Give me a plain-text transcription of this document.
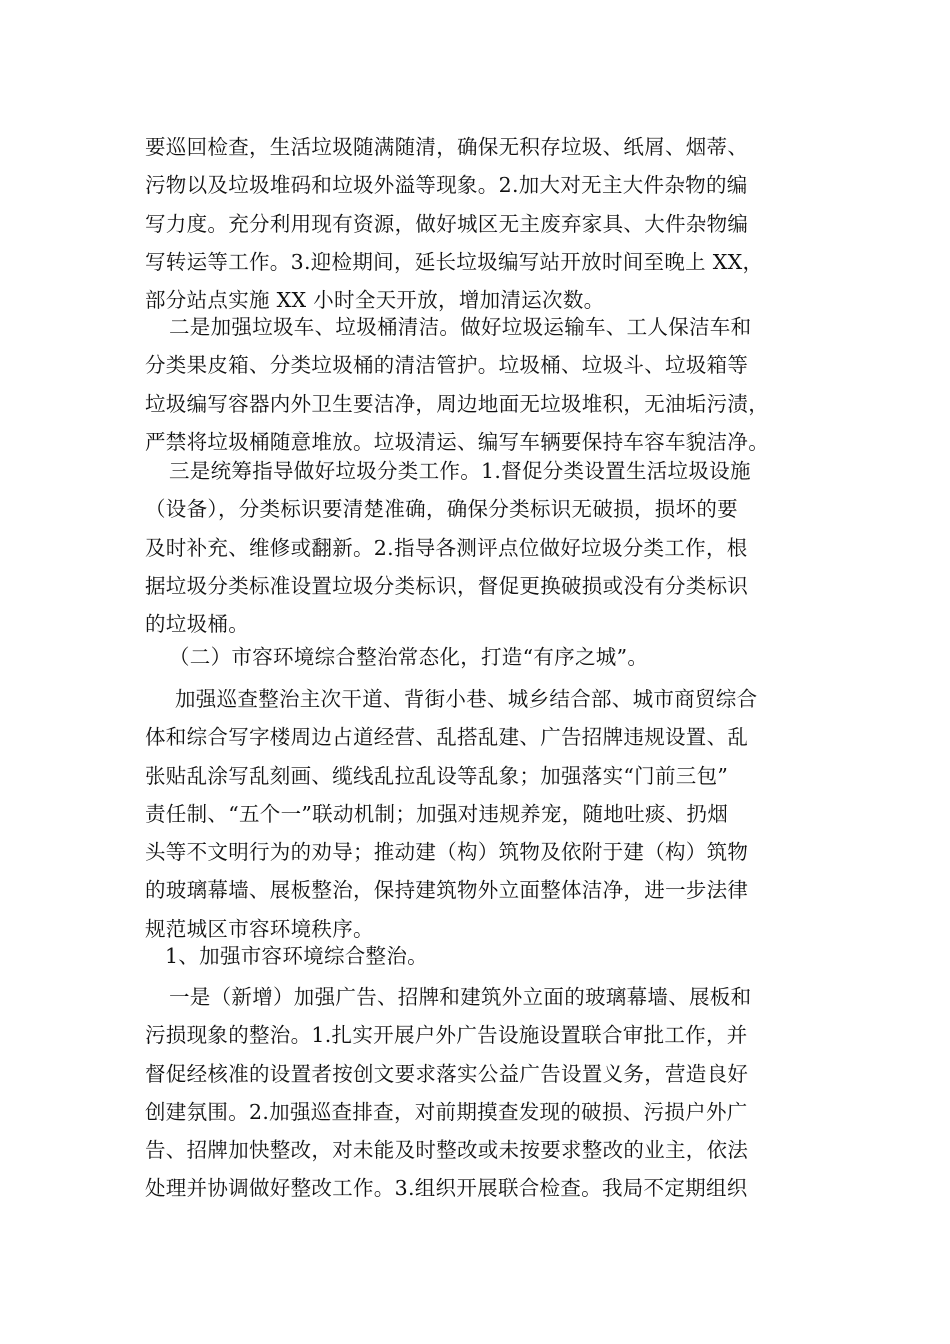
要巡回检查，生活垃圾随满随清，确保无积存垃圾、纸屑、烟蒂、
污物以及垃圾堆码和垃圾外溢等现象。2.加大对无主大件杂物的编
写力度。充分利用现有资源，做好城区无主废弃家具、大件杂物编
写转运等工作。3.迎检期间，延长垃圾编写站开放时间至晚上 XX，
部分站点实施 XX 小时全天开放，增加清运次数。
二是加强垃圾车、垃圾桶清洁。做好垃圾运输车、工人保洁车和
分类果皮箱、分类垃圾桶的清洁管护。垃圾桶、垃圾斗、垃圾箱等
垃圾编写容器内外卫生要洁净，周边地面无垃圾堆积，无油垢污渍，
严禁将垃圾桶随意堆放。垃圾清运、编写车辆要保持车容车貌洁净。
三是统筹指导做好垃圾分类工作。1.督促分类设置生活垃圾设施
（设备），分类标识要清楚准确，确保分类标识无破损，损坏的要
及时补充、维修或翻新。2.指导各测评点位做好垃圾分类工作，根
据垃圾分类标准设置垃圾分类标识，督促更换破损或没有分类标识
的垃圾桶。
（二）市容环境综合整治常态化，打造“有序之城”。
加强巡查整治主次干道、背街小巷、城乡结合部、城市商贸综合
体和综合写字楼周边占道经营、乱搭乱建、广告招牌违规设置、乱
张贴乱涂写乱刻画、缆线乱拉乱设等乱象；加强落实“门前三包”
责任制、“五个一”联动机制；加强对违规养宠，随地吐痰、扔烟
头等不文明行为的劝导；推动建（构）筑物及依附于建（构）筑物
的玻璃幕墙、展板整治，保持建筑物外立面整体洁净，进一步法律
规范城区市容环境秩序。
1、加强市容环境综合整治。
一是（新增）加强广告、招牌和建筑外立面的玻璃幕墙、展板和
污损现象的整治。1.扎实开展户外广告设施设置联合审批工作，并
督促经核准的设置者按创文要求落实公益广告设置义务，营造良好
创建氛围。2.加强巡查排查，对前期摸查发现的破损、污损户外广
告、招牌加快整改，对未能及时整改或未按要求整改的业主，依法
处理并协调做好整改工作。3.组织开展联合检查。我局不定期组织
